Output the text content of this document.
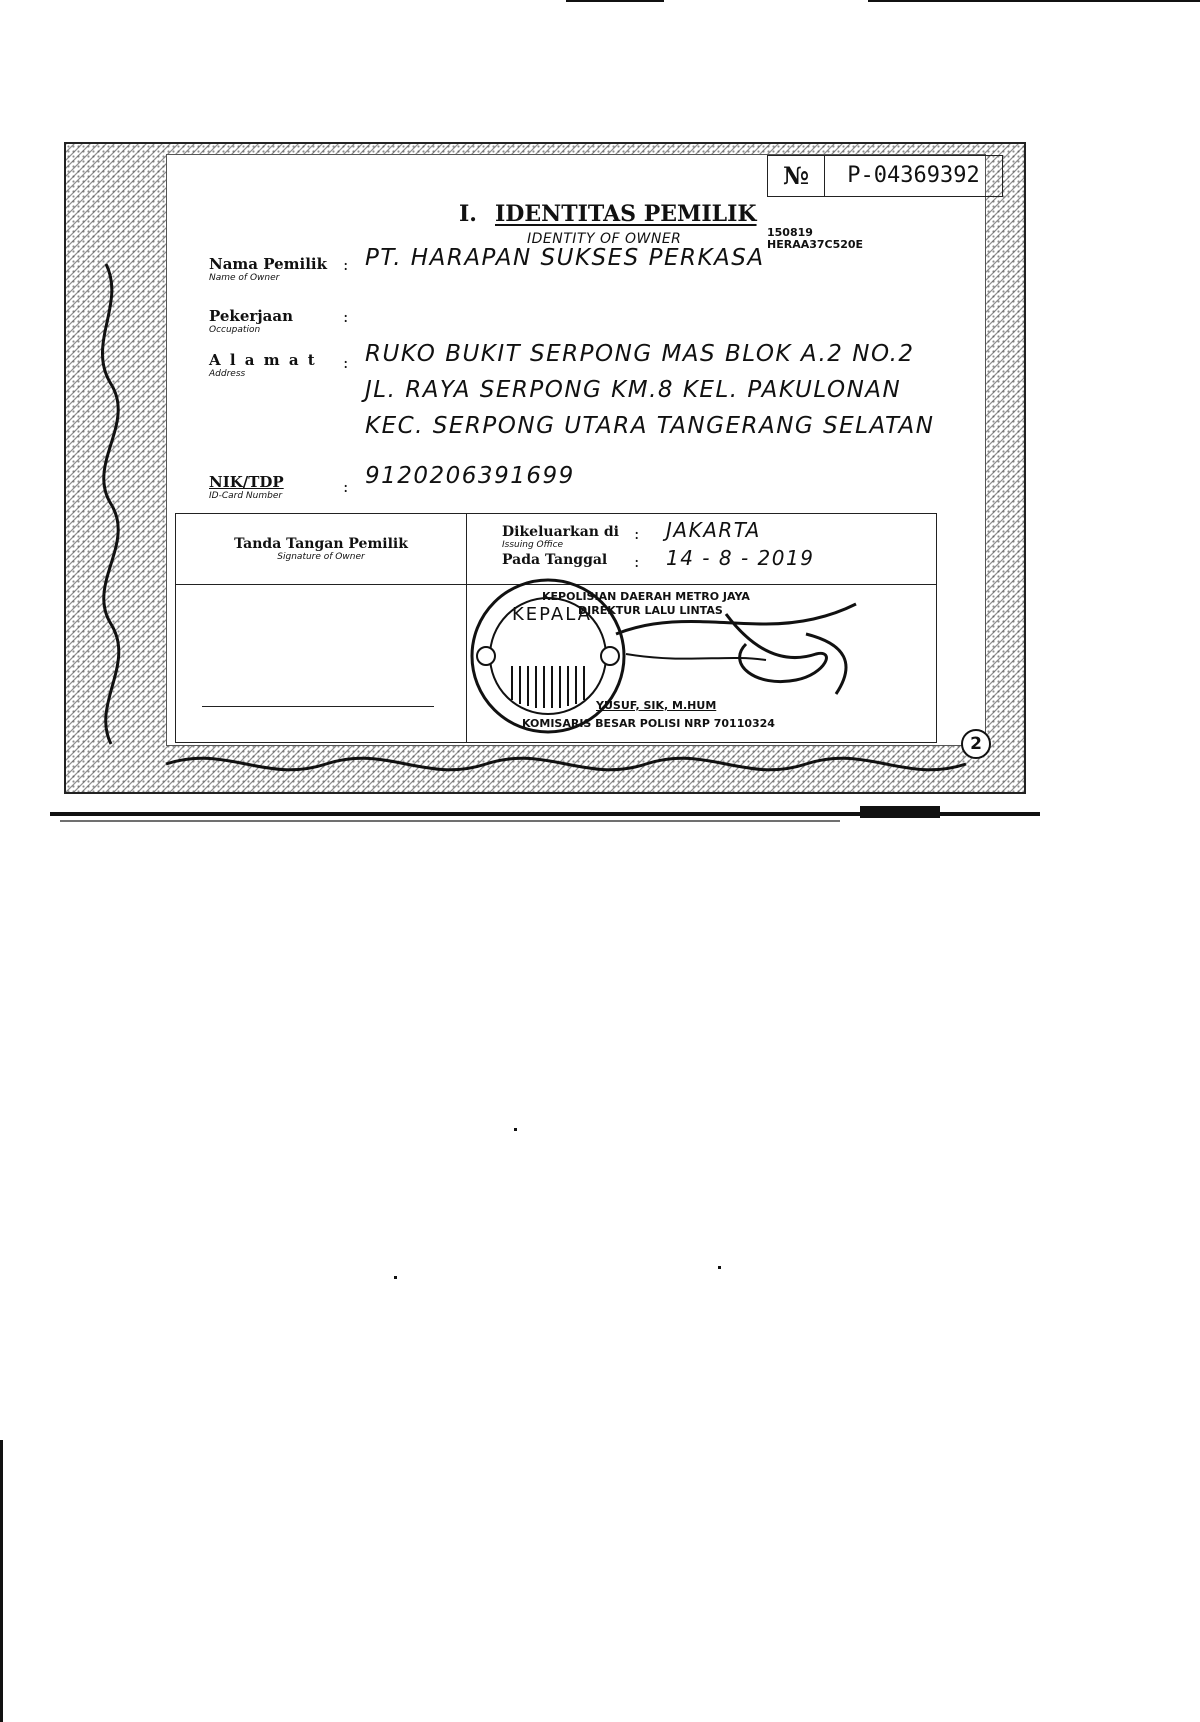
I. IDENTITAS PEMILIK
IDENTITY OF OWNER
№	P-04369392
150819
HERAA37C520E
Nama Pemilik
Name of Owner
: PT. HARAPAN SUKSES PERKASA
Pekerjaan
Occupation
:
A l a m a t
Address
: RUKO BUKIT SERPONG MAS BLOK A.2 NO.2
JL. RAYA SERPONG KM.8 KEL. PAKULONAN
KEC. SERPONG UTARA TANGERANG SELATAN
NIK/TDP
ID-Card Number	: 91202063916​99
Tanda Tangan Pemilik
Signature of Owner
Dikeluarkan di
Issuing Office
: JAKARTA
Pada Tanggal : 14 - 8 - 2019
KEPALA
KEPOLISIAN DAERAH METRO JAYA
DIREKTUR LALU LINTAS
YUSUF, SIK, M.HUM
KOMISARIS BESAR POLISI NRP 70110324
2
